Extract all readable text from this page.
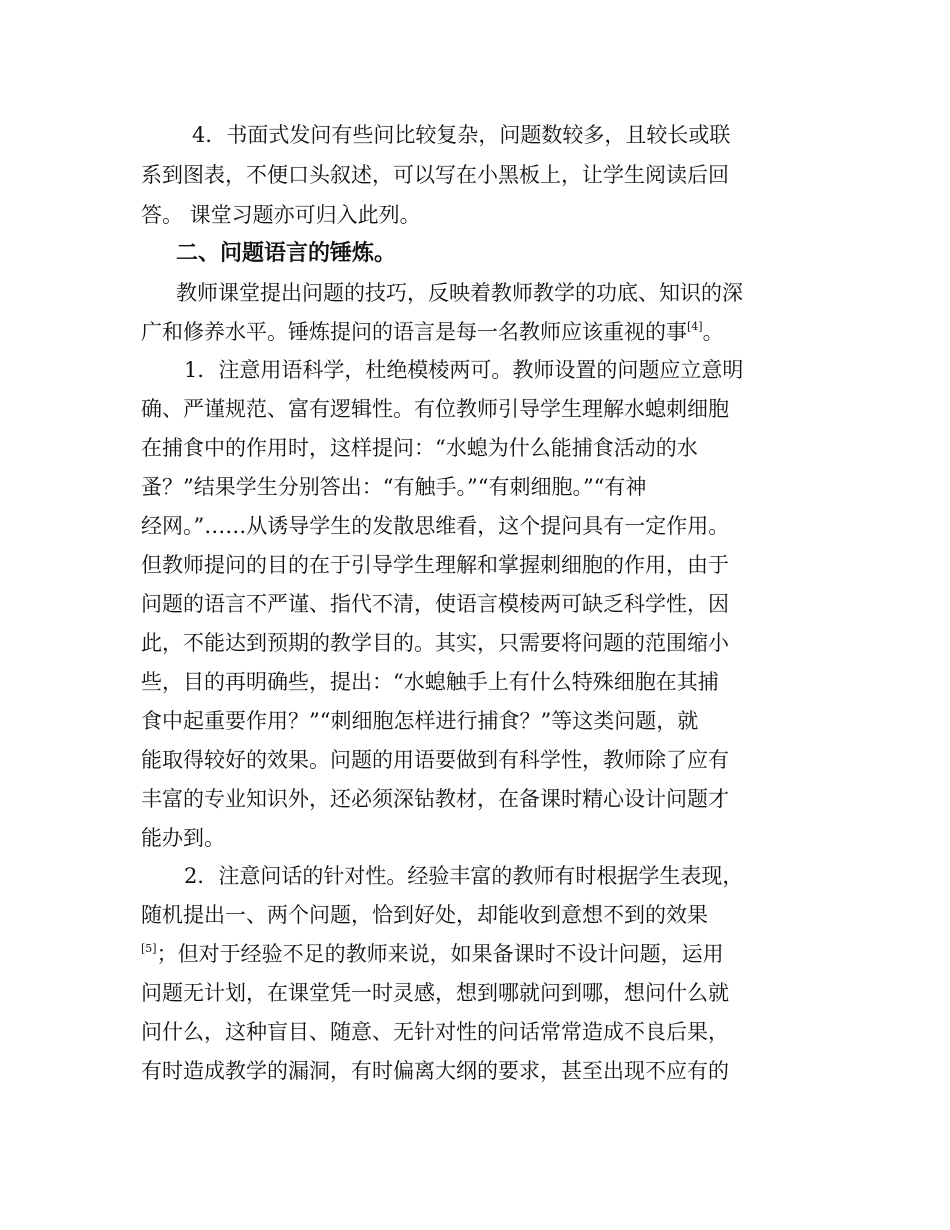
4．书面式发问有些问比较复杂，问题数较多，且较长或联
系到图表，不便口头叙述，可以写在小黑板上，让学生阅读后回
答。 课堂习题亦可归入此列。
二、问题语言的锤炼。
教师课堂提出问题的技巧，反映着教师教学的功底、知识的深
广和修养水平。锤炼提问的语言是每一名教师应该重视的事[4]。
1．注意用语科学，杜绝模棱两可。教师设置的问题应立意明
确、严谨规范、富有逻辑性。有位教师引导学生理解水螅刺细胞
在捕食中的作用时，这样提问：“水螅为什么能捕食活动的水
蚤？”结果学生分别答出：“有触手。”“有刺细胞。”“有神
经网。”……从诱导学生的发散思维看，这个提问具有一定作用。
但教师提问的目的在于引导学生理解和掌握刺细胞的作用，由于
问题的语言不严谨、指代不清，使语言模棱两可缺乏科学性，因
此，不能达到预期的教学目的。其实，只需要将问题的范围缩小
些，目的再明确些，提出：“水螅触手上有什么特殊细胞在其捕
食中起重要作用？”“刺细胞怎样进行捕食？”等这类问题，就
能取得较好的效果。问题的用语要做到有科学性，教师除了应有
丰富的专业知识外，还必须深钻教材，在备课时精心设计问题才
能办到。
2．注意问话的针对性。经验丰富的教师有时根据学生表现，
随机提出一、两个问题，恰到好处，却能收到意想不到的效果
[5]；但对于经验不足的教师来说，如果备课时不设计问题，运用
问题无计划，在课堂凭一时灵感，想到哪就问到哪，想问什么就
问什么，这种盲目、随意、无针对性的问话常常造成不良后果，
有时造成教学的漏洞，有时偏离大纲的要求，甚至出现不应有的
